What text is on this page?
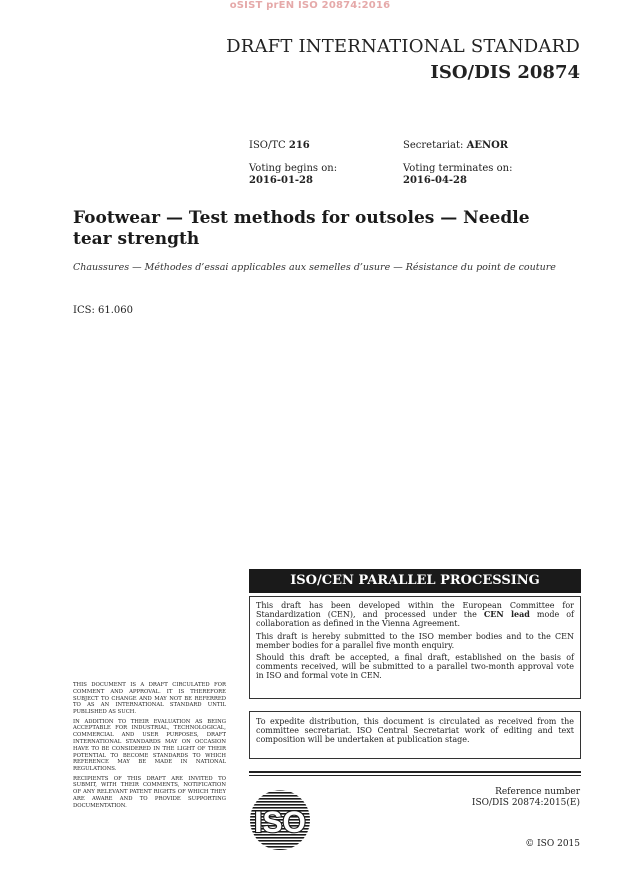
oSIST prEN ISO 20874:2016
DRAFT INTERNATIONAL STANDARD
ISO/DIS 20874
ISO/TC 216	Secretariat: AENOR
Voting begins on:
2016-01-28
Voting terminates on:
2016-04-28
Footwear — Test methods for outsoles — Needle tear strength
Chaussures — Méthodes d’essai applicables aux semelles d’usure — Résistance du point de couture
ICS: 61.060
ISO/CEN PARALLEL PROCESSING

This draft has been developed within the European Committee for Standardization (CEN), and processed under the CEN lead mode of collaboration as defined in the Vienna Agreement.

This draft is hereby submitted to the ISO member bodies and to the CEN member bodies for a parallel five month enquiry.

Should this draft be accepted, a final draft, established on the basis of comments received, will be submitted to a parallel two-month approval vote in ISO and formal vote in CEN.

To expedite distribution, this document is circulated as received from the committee secretariat. ISO Central Secretariat work of editing and text composition will be undertaken at publication stage.

THIS DOCUMENT IS A DRAFT CIRCULATED FOR COMMENT AND APPROVAL. IT IS THEREFORE SUBJECT TO CHANGE AND MAY NOT BE REFERRED TO AS AN INTERNATIONAL STANDARD UNTIL PUBLISHED AS SUCH.

IN ADDITION TO THEIR EVALUATION AS BEING ACCEPTABLE FOR INDUSTRIAL, TECHNOLOGICAL, COMMERCIAL AND USER PURPOSES, DRAFT INTERNATIONAL STANDARDS MAY ON OCCASION HAVE TO BE CONSIDERED IN THE LIGHT OF THEIR POTENTIAL TO BECOME STANDARDS TO WHICH REFERENCE MAY BE MADE IN NATIONAL REGULATIONS.

RECIPIENTS OF THIS DRAFT ARE INVITED TO SUBMIT, WITH THEIR COMMENTS, NOTIFICATION OF ANY RELEVANT PATENT RIGHTS OF WHICH THEY ARE AWARE AND TO PROVIDE SUPPORTING DOCUMENTATION.

ISO
Reference number
ISO/DIS 20874:2015(E)
© ISO 2015
